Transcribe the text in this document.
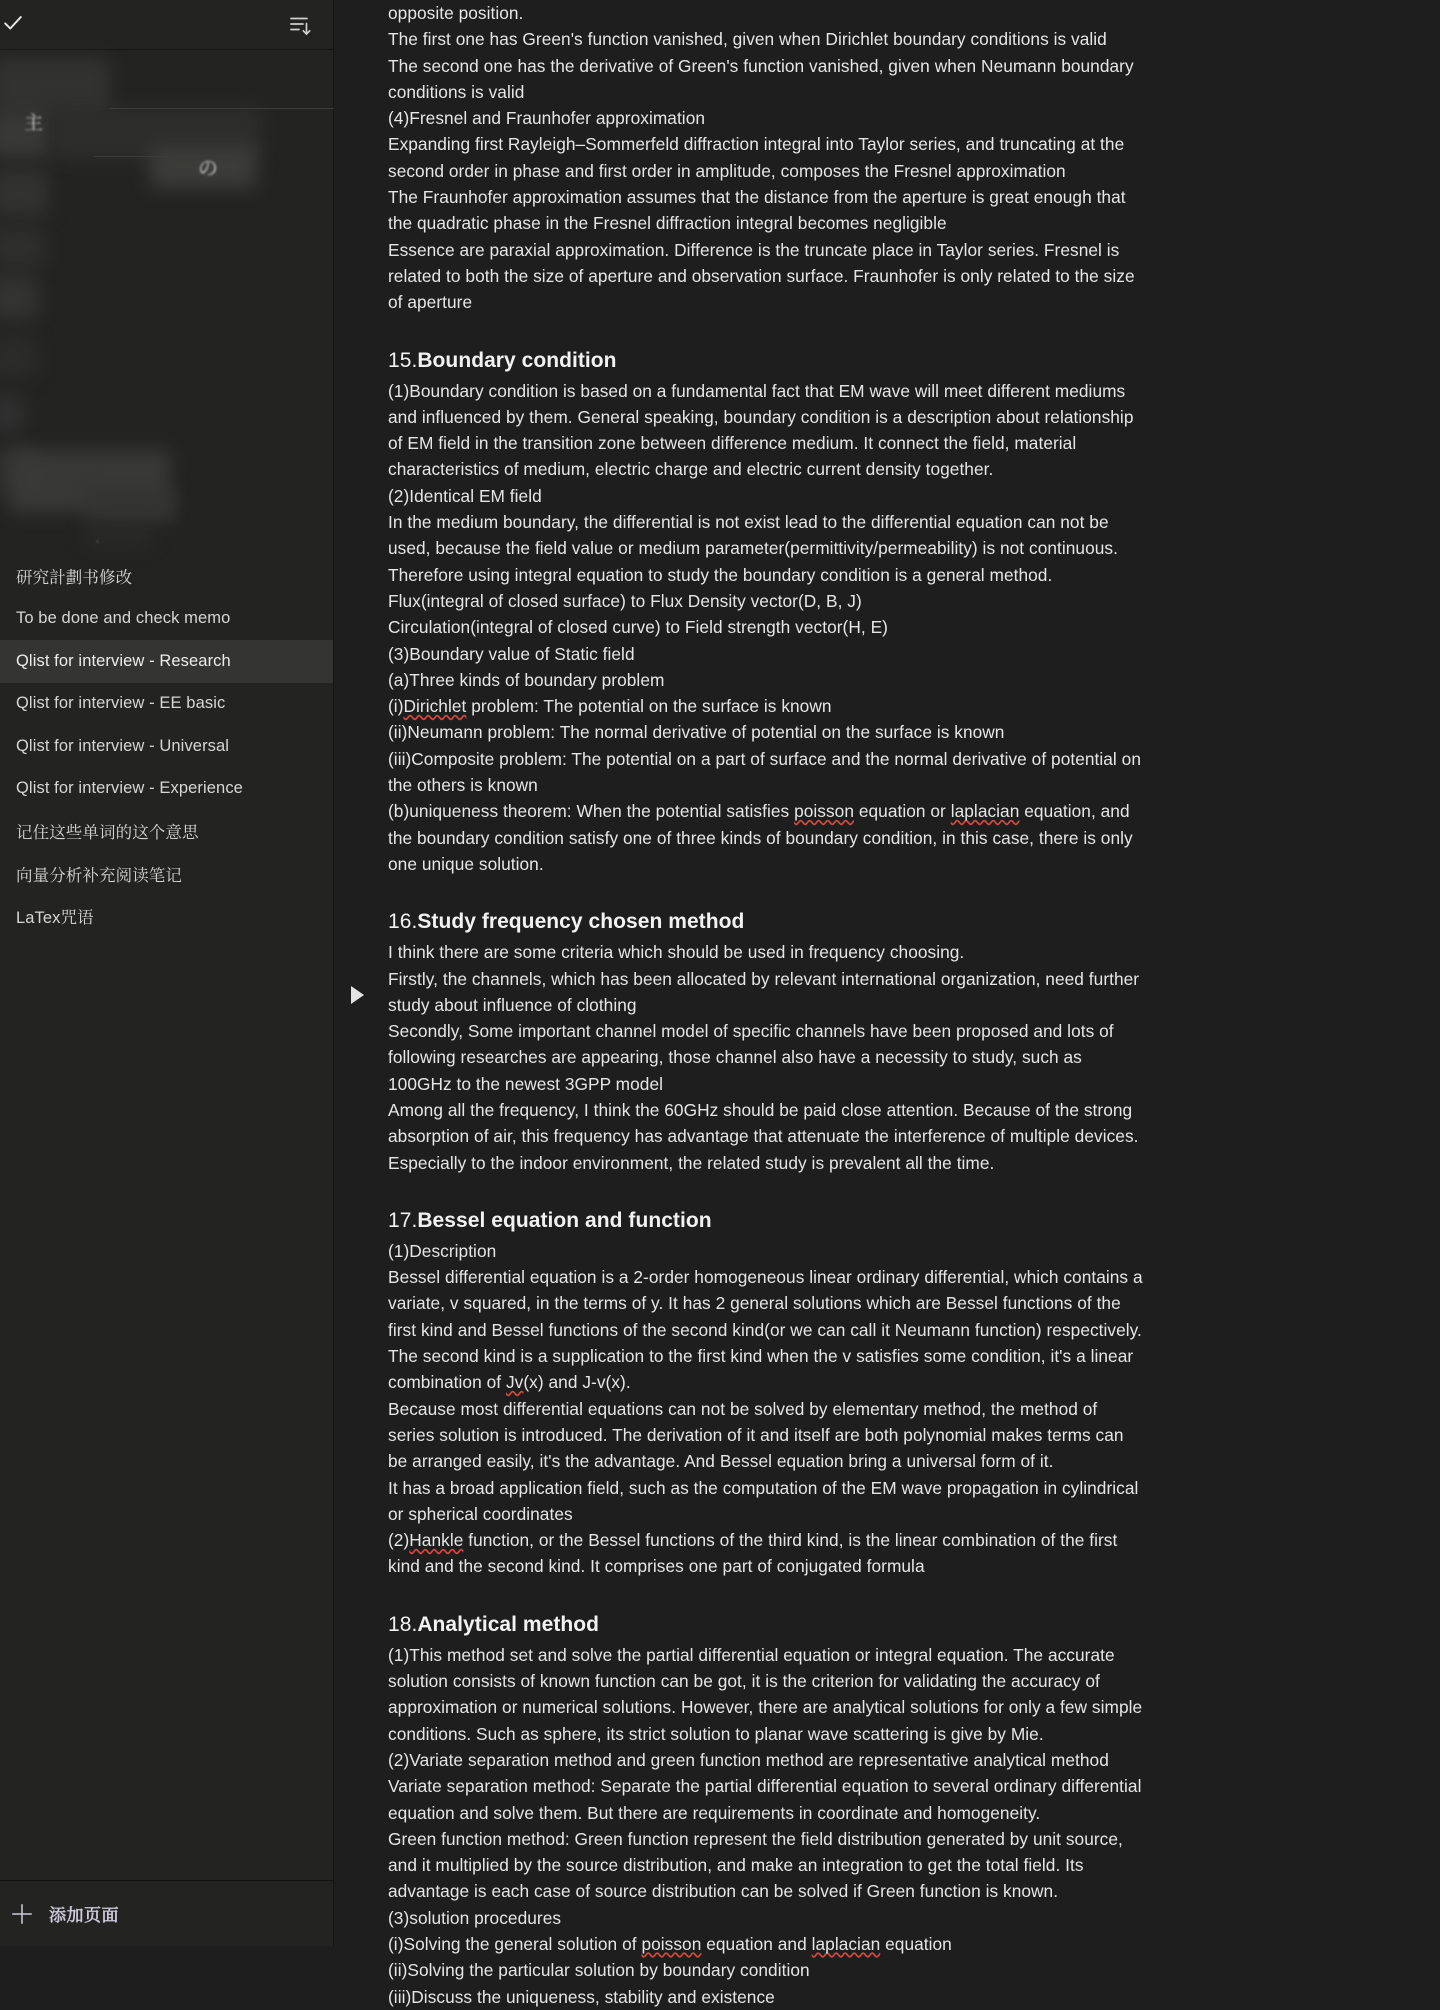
主
の
.
研究計劃书修改
To be done and check memo
Qlist for interview - Research
Qlist for interview - EE basic
Qlist for interview - Universal
Qlist for interview - Experience
记住这些单词的这个意思
向量分析补充阅读笔记
LaTex咒语
添加页面
opposite position.
The first one has Green's function vanished, given when Dirichlet boundary conditions is valid
The second one has the derivative of Green's function vanished, given when Neumann boundary conditions is valid
(4)Fresnel and Fraunhofer approximation
Expanding first Rayleigh–Sommerfeld diffraction integral into Taylor series, and truncating at the second order in phase and first order in amplitude, composes the Fresnel approximation
The Fraunhofer approximation assumes that the distance from the aperture is great enough that the quadratic phase in the Fresnel diffraction integral becomes negligible
Essence are paraxial approximation. Difference is the truncate place in Taylor series. Fresnel is related to both the size of aperture and observation surface. Fraunhofer is only related to the size of aperture
15.Boundary condition
(1)Boundary condition is based on a fundamental fact that EM wave will meet different mediums and influenced by them. General speaking, boundary condition is a description about relationship of EM field in the transition zone between difference medium. It connect the field, material characteristics of medium, electric charge and electric current density together.
(2)Identical EM field
In the medium boundary, the differential is not exist lead to the differential equation can not be used, because the field value or medium parameter(permittivity/permeability) is not continuous. Therefore using integral equation to study the boundary condition is a general method.
Flux(integral of closed surface) to Flux Density vector(D, B, J)
Circulation(integral of closed curve) to Field strength vector(H, E)
(3)Boundary value of Static field
(a)Three kinds of boundary problem
(i)Dirichlet problem: The potential on the surface is known
(ii)Neumann problem: The normal derivative of potential on the surface is known
(iii)Composite problem: The potential on a part of surface and the normal derivative of potential on the others is known
(b)uniqueness theorem: When the potential satisfies poisson equation or laplacian equation, and the boundary condition satisfy one of three kinds of boundary condition, in this case, there is only one unique solution.
16.Study frequency chosen method
I think there are some criteria which should be used in frequency choosing.
Firstly, the channels, which has been allocated by relevant international organization, need further study about influence of clothing
Secondly, Some important channel model of specific channels have been proposed and lots of following researches are appearing, those channel also have a necessity to study, such as 100GHz to the newest 3GPP model
Among all the frequency, I think the 60GHz should be paid close attention. Because of the strong absorption of air, this frequency has advantage that attenuate the interference of multiple devices. Especially to the indoor environment, the related study is prevalent all the time.
17.Bessel equation and function
(1)Description
Bessel differential equation is a 2-order homogeneous linear ordinary differential, which contains a variate, v squared, in the terms of y. It has 2 general solutions which are Bessel functions of the first kind and Bessel functions of the second kind(or we can call it Neumann function) respectively. The second kind is a supplication to the first kind when the v satisfies some condition, it's a linear combination of Jv(x) and J-v(x).
Because most differential equations can not be solved by elementary method, the method of series solution is introduced. The derivation of it and itself are both polynomial makes terms can be arranged easily, it's the advantage. And Bessel equation bring a universal form of it.
It has a broad application field, such as the computation of the EM wave propagation in cylindrical or spherical coordinates
(2)Hankle function, or the Bessel functions of the third kind, is the linear combination of the first kind and the second kind. It comprises one part of conjugated formula
18.Analytical method
(1)This method set and solve the partial differential equation or integral equation. The accurate solution consists of known function can be got, it is the criterion for validating the accuracy of approximation or numerical solutions. However, there are analytical solutions for only a few simple conditions. Such as sphere, its strict solution to planar wave scattering is give by Mie.
(2)Variate separation method and green function method are representative analytical method
Variate separation method: Separate the partial differential equation to several ordinary differential equation and solve them. But there are requirements in coordinate and homogeneity.
Green function method: Green function represent the field distribution generated by unit source, and it multiplied by the source distribution, and make an integration to get the total field. Its advantage is each case of source distribution can be solved if Green function is known.
(3)solution procedures
(i)Solving the general solution of poisson equation and laplacian equation
(ii)Solving the particular solution by boundary condition
(iii)Discuss the uniqueness, stability and existence
